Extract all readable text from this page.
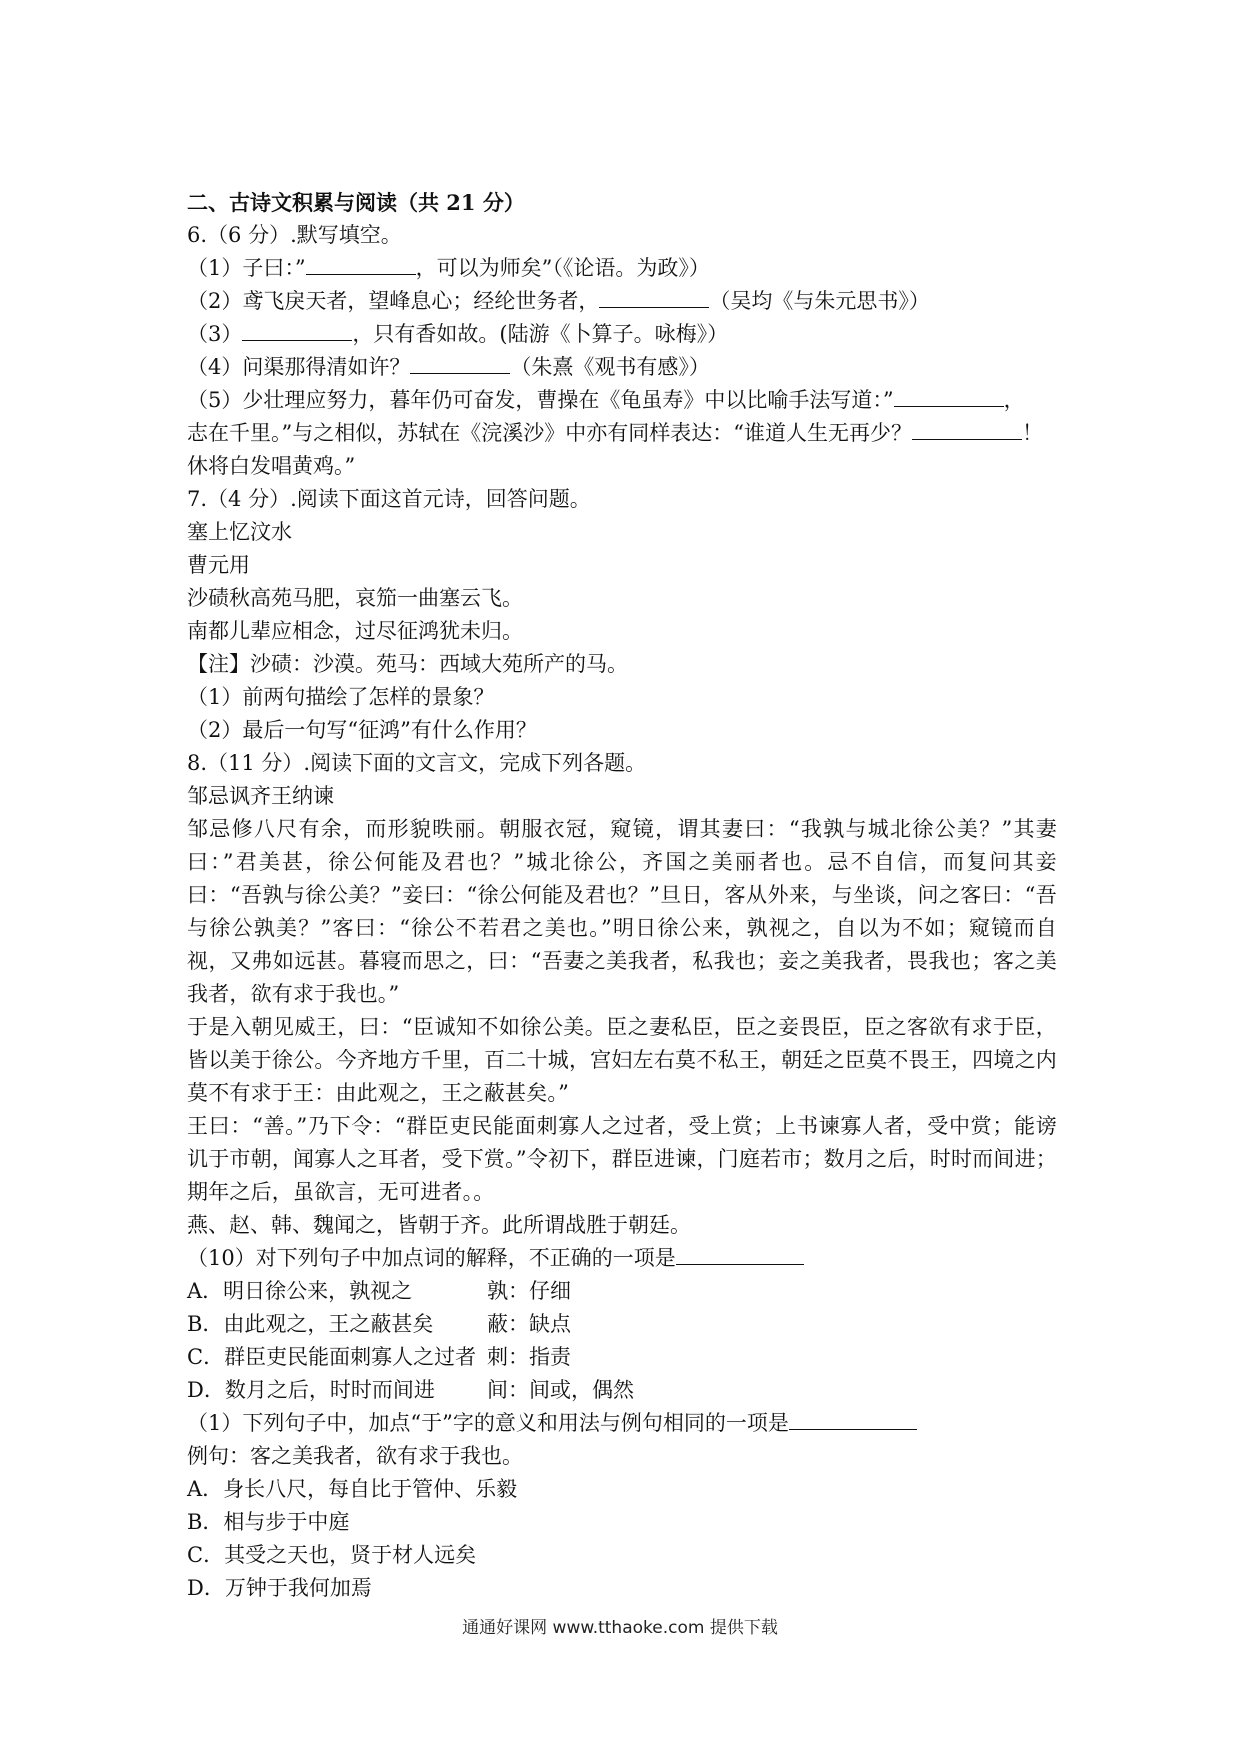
二、古诗文积累与阅读（共 21 分）
6.（6 分）.默写填空。
（1）子曰：”	，可以为师矣”（《论语。为政》）
（2）鸢飞戾天者，望峰息心；经纶世务者，	（吴均《与朱元思书》）
（3）	，只有香如故。(陆游《卜算子。咏梅》）
（4）问渠那得清如许？	（朱熹《观书有感》）
（5）少壮理应努力，暮年仍可奋发，曹操在《龟虽寿》中以比喻手法写道：”	，
志在千里。”与之相似，苏轼在《浣溪沙》中亦有同样表达：“谁道人生无再少？	！
休将白发唱黄鸡。”
7.（4 分）.阅读下面这首元诗，回答问题。
塞上忆汶水
曹元用
沙碛秋高苑马肥，哀笳一曲塞云飞。
南都儿辈应相念，过尽征鸿犹未归。
【注】沙碛：沙漠。苑马：西域大苑所产的马。
（1）前两句描绘了怎样的景象？
（2）最后一句写“征鸿”有什么作用？
8.（11 分）.阅读下面的文言文，完成下列各题。
邹忌讽齐王纳谏
邹忌修八尺有余，而形貌昳丽。朝服衣冠，窥镜，谓其妻曰：“我孰与城北徐公美？”其妻曰：”君美甚，徐公何能及君也？”城北徐公，齐国之美丽者也。忌不自信，而复问其妾曰：“吾孰与徐公美？”妾曰：“徐公何能及君也？”旦日，客从外来，与坐谈，问之客曰：“吾与徐公孰美？”客曰：“徐公不若君之美也。”明日徐公来，孰视之，自以为不如；窥镜而自视，又弗如远甚。暮寝而思之，曰：“吾妻之美我者，私我也；妾之美我者，畏我也；客之美我者，欲有求于我也。”
于是入朝见威王，曰：“臣诚知不如徐公美。臣之妻私臣，臣之妾畏臣，臣之客欲有求于臣，皆以美于徐公。今齐地方千里，百二十城，宫妇左右莫不私王，朝廷之臣莫不畏王，四境之内莫不有求于王：由此观之，王之蔽甚矣。”
王曰：“善。”乃下令：“群臣吏民能面刺寡人之过者，受上赏；上书谏寡人者，受中赏；能谤讥于市朝，闻寡人之耳者，受下赏。”令初下，群臣进谏，门庭若市；数月之后，时时而间进；期年之后，虽欲言，无可进者。。
燕、赵、韩、魏闻之，皆朝于齐。此所谓战胜于朝廷。
（10）对下列句子中加点词的解释，不正确的一项是
A．明日徐公来，孰视之	孰：仔细
B．由此观之，王之蔽甚矣	蔽：缺点
C．群臣吏民能面刺寡人之过者 刺：指责
D．数月之后，时时而间进	间：间或，偶然
（1）下列句子中，加点“于”字的意义和用法与例句相同的一项是
例句：客之美我者，欲有求于我也。
A．身长八尺，每自比于管仲、乐毅
B．相与步于中庭
C．其受之天也，贤于材人远矣
D．万钟于我何加焉
通通好课网 www.tthaoke.com 提供下载
